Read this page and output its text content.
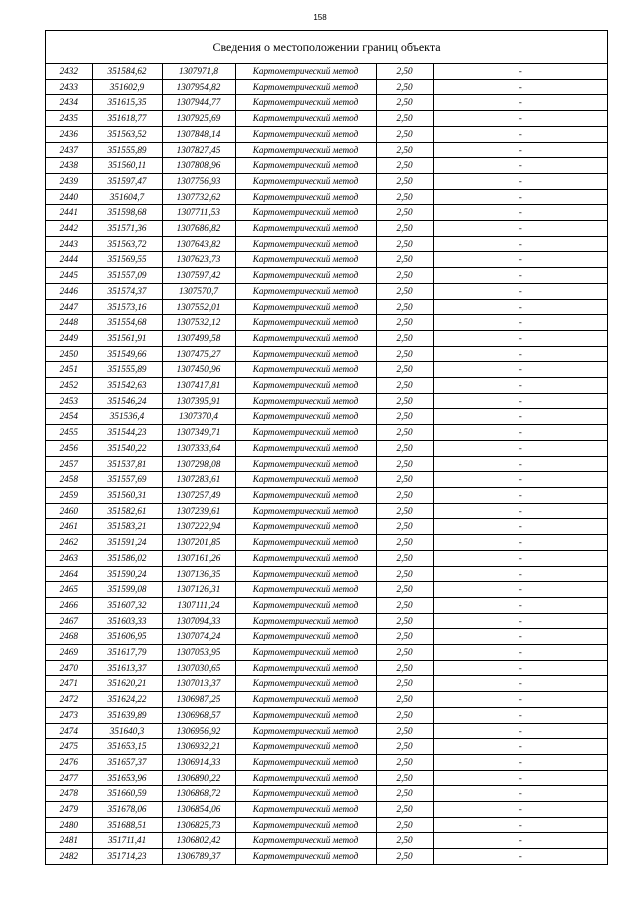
158
Сведения о местоположении границ объекта
2432	351584,62	1307971,8	Картометрический метод	2,50	-
2433	351602,9	1307954,82	Картометрический метод	2,50	-
2434	351615,35	1307944,77	Картометрический метод	2,50	-
2435	351618,77	1307925,69	Картометрический метод	2,50	-
2436	351563,52	1307848,14	Картометрический метод	2,50	-
2437	351555,89	1307827,45	Картометрический метод	2,50	-
2438	351560,11	1307808,96	Картометрический метод	2,50	-
2439	351597,47	1307756,93	Картометрический метод	2,50	-
2440	351604,7	1307732,62	Картометрический метод	2,50	-
2441	351598,68	1307711,53	Картометрический метод	2,50	-
2442	351571,36	1307686,82	Картометрический метод	2,50	-
2443	351563,72	1307643,82	Картометрический метод	2,50	-
2444	351569,55	1307623,73	Картометрический метод	2,50	-
2445	351557,09	1307597,42	Картометрический метод	2,50	-
2446	351574,37	1307570,7	Картометрический метод	2,50	-
2447	351573,16	1307552,01	Картометрический метод	2,50	-
2448	351554,68	1307532,12	Картометрический метод	2,50	-
2449	351561,91	1307499,58	Картометрический метод	2,50	-
2450	351549,66	1307475,27	Картометрический метод	2,50	-
2451	351555,89	1307450,96	Картометрический метод	2,50	-
2452	351542,63	1307417,81	Картометрический метод	2,50	-
2453	351546,24	1307395,91	Картометрический метод	2,50	-
2454	351536,4	1307370,4	Картометрический метод	2,50	-
2455	351544,23	1307349,71	Картометрический метод	2,50	-
2456	351540,22	1307333,64	Картометрический метод	2,50	-
2457	351537,81	1307298,08	Картометрический метод	2,50	-
2458	351557,69	1307283,61	Картометрический метод	2,50	-
2459	351560,31	1307257,49	Картометрический метод	2,50	-
2460	351582,61	1307239,61	Картометрический метод	2,50	-
2461	351583,21	1307222,94	Картометрический метод	2,50	-
2462	351591,24	1307201,85	Картометрический метод	2,50	-
2463	351586,02	1307161,26	Картометрический метод	2,50	-
2464	351590,24	1307136,35	Картометрический метод	2,50	-
2465	351599,08	1307126,31	Картометрический метод	2,50	-
2466	351607,32	1307111,24	Картометрический метод	2,50	-
2467	351603,33	1307094,33	Картометрический метод	2,50	-
2468	351606,95	1307074,24	Картометрический метод	2,50	-
2469	351617,79	1307053,95	Картометрический метод	2,50	-
2470	351613,37	1307030,65	Картометрический метод	2,50	-
2471	351620,21	1307013,37	Картометрический метод	2,50	-
2472	351624,22	1306987,25	Картометрический метод	2,50	-
2473	351639,89	1306968,57	Картометрический метод	2,50	-
2474	351640,3	1306956,92	Картометрический метод	2,50	-
2475	351653,15	1306932,21	Картометрический метод	2,50	-
2476	351657,37	1306914,33	Картометрический метод	2,50	-
2477	351653,96	1306890,22	Картометрический метод	2,50	-
2478	351660,59	1306868,72	Картометрический метод	2,50	-
2479	351678,06	1306854,06	Картометрический метод	2,50	-
2480	351688,51	1306825,73	Картометрический метод	2,50	-
2481	351711,41	1306802,42	Картометрический метод	2,50	-
2482	351714,23	1306789,37	Картометрический метод	2,50	-
